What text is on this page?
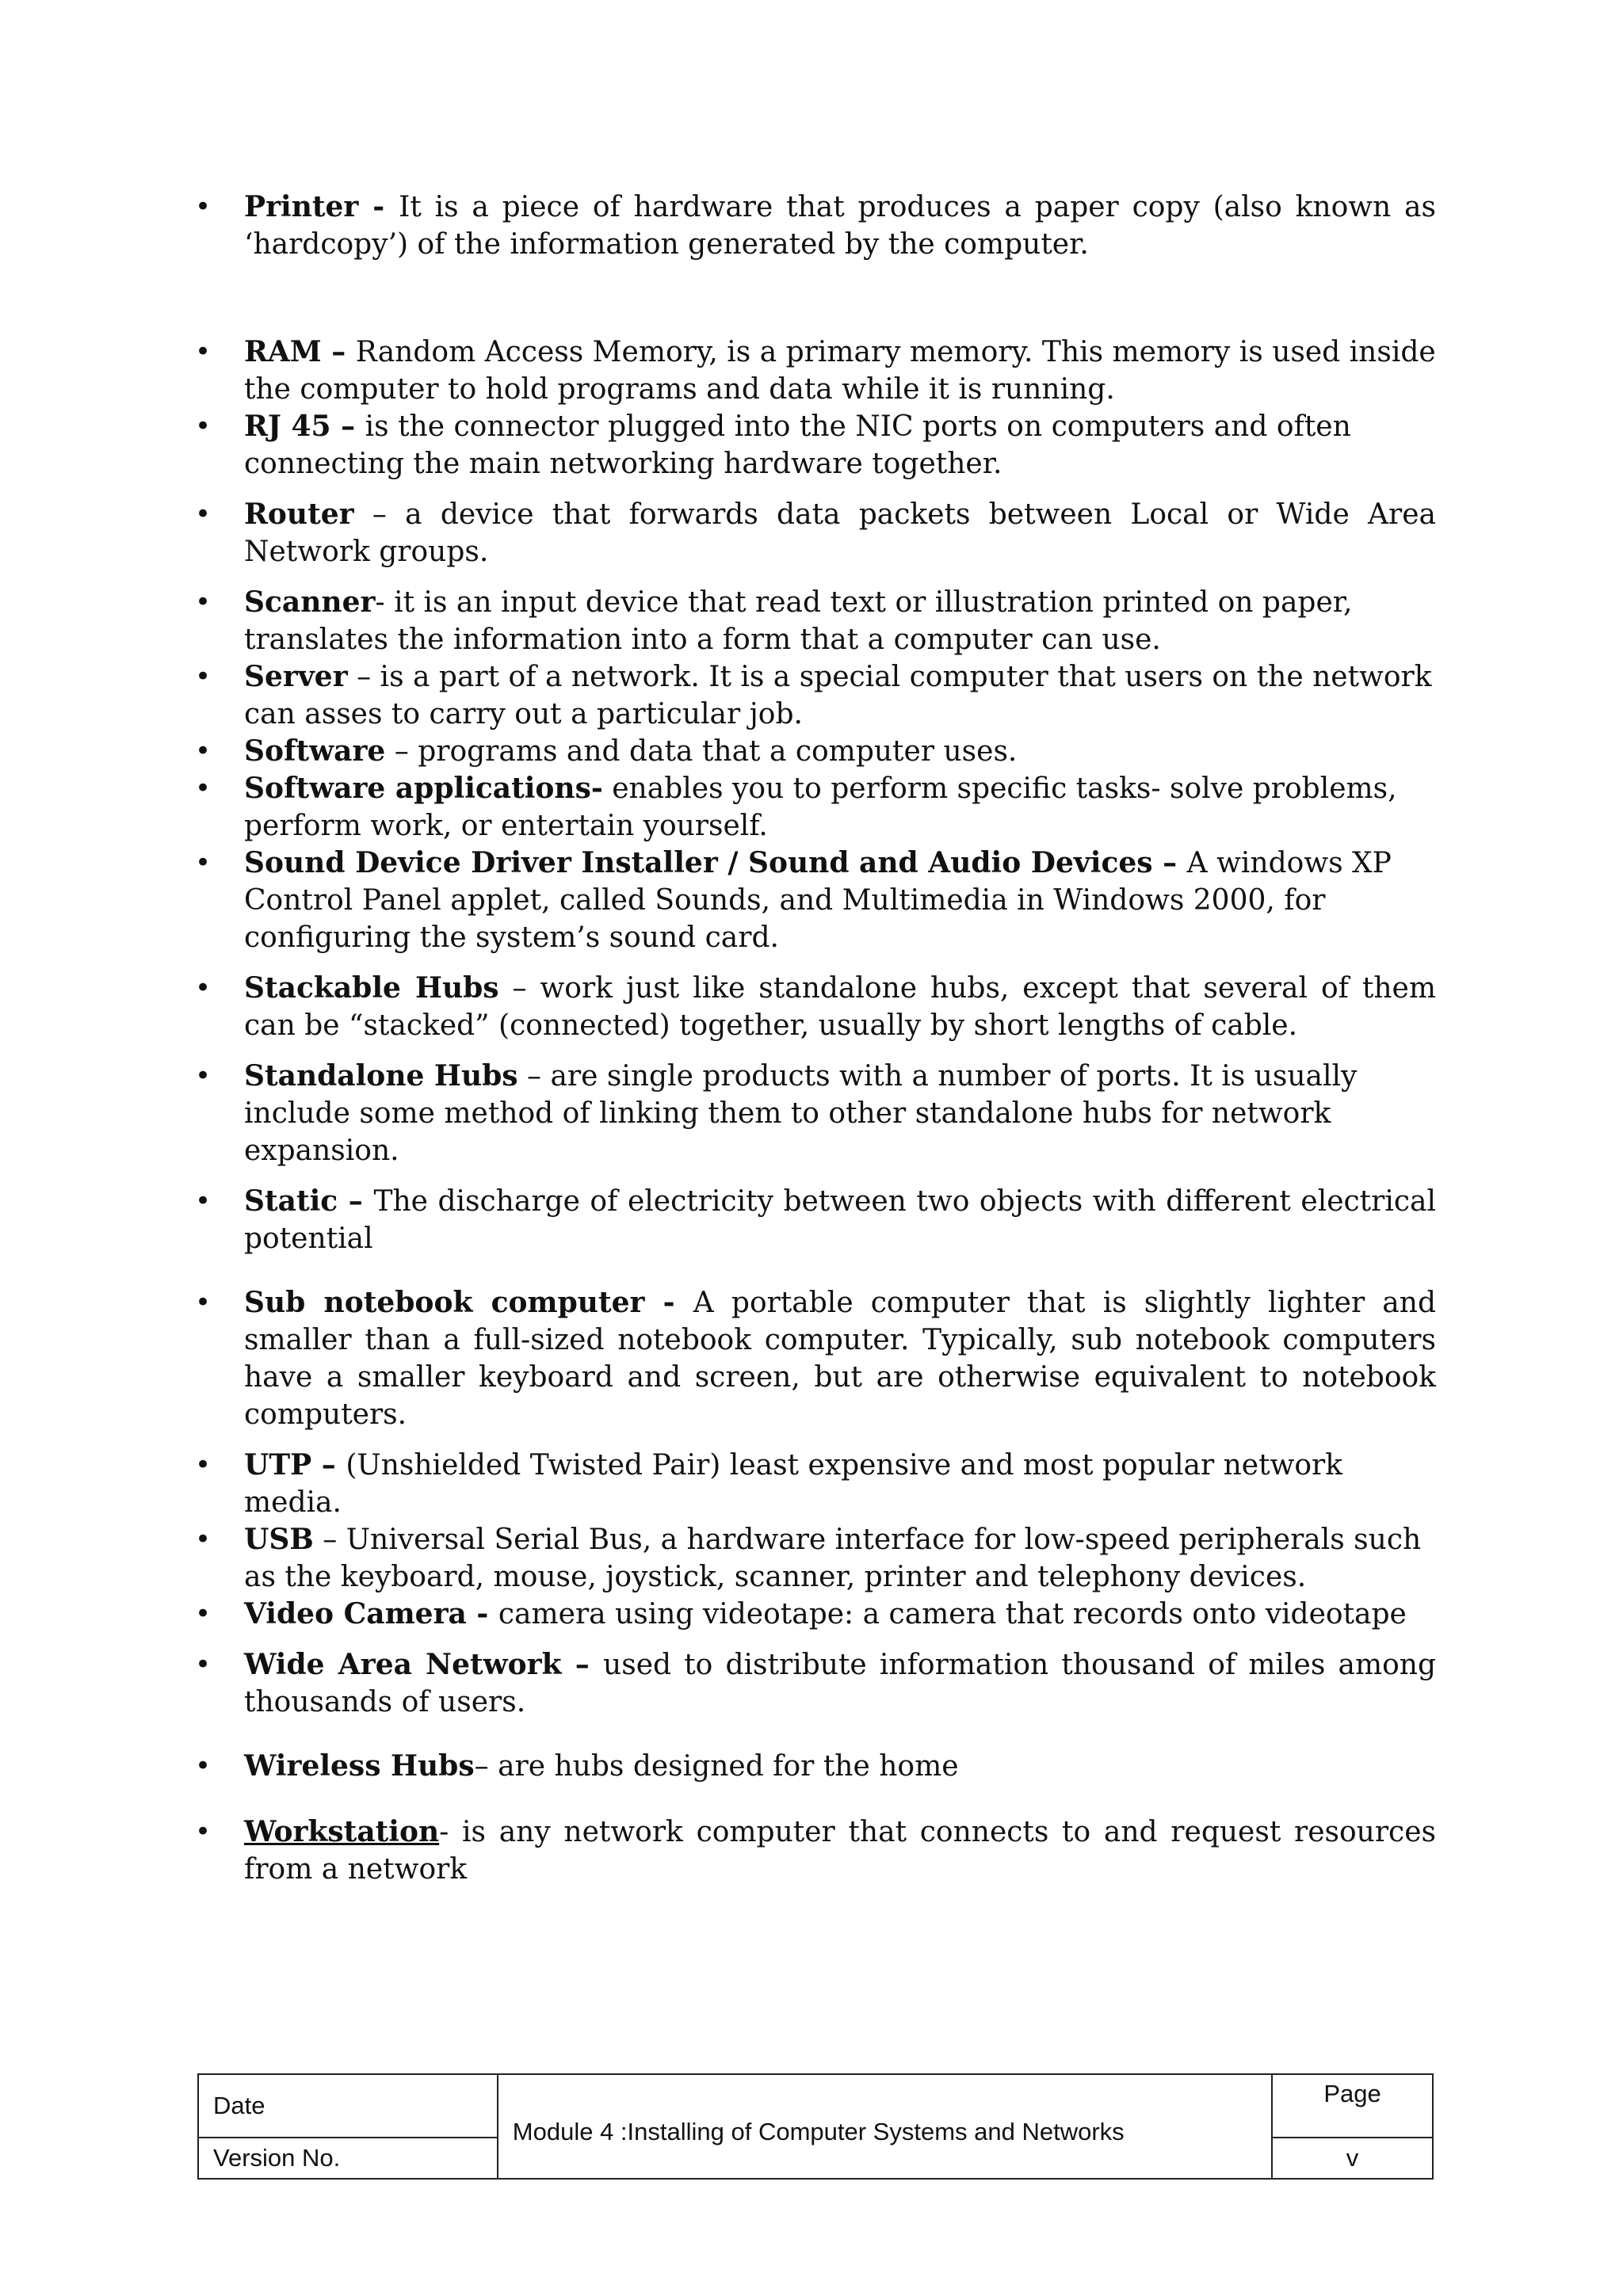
• Printer - It is a piece of hardware that produces a paper copy (also known as ‘hardcopy’) of the information generated by the computer.
• RAM – Random Access Memory, is a primary memory. This memory is used inside the computer to hold programs and data while it is running.
• RJ 45 – is the connector plugged into the NIC ports on computers and often connecting the main networking hardware together.
• Router – a device that forwards data packets between Local or Wide Area Network groups.
• Scanner- it is an input device that read text or illustration printed on paper, translates the information into a form that a computer can use.
• Server – is a part of a network. It is a special computer that users on the network can asses to carry out a particular job.
• Software – programs and data that a computer uses.
• Software applications- enables you to perform specific tasks- solve problems, perform work, or entertain yourself.
• Sound Device Driver Installer / Sound and Audio Devices – A windows XP Control Panel applet, called Sounds, and Multimedia in Windows 2000, for configuring the system’s sound card.
• Stackable Hubs – work just like standalone hubs, except that several of them can be “stacked” (connected) together, usually by short lengths of cable.
• Standalone Hubs – are single products with a number of ports. It is usually include some method of linking them to other standalone hubs for network expansion.
• Static – The discharge of electricity between two objects with different electrical potential
• Sub notebook computer - A portable computer that is slightly lighter and smaller than a full-sized notebook computer. Typically, sub notebook computers have a smaller keyboard and screen, but are otherwise equivalent to notebook computers.
• UTP – (Unshielded Twisted Pair) least expensive and most popular network media.
• USB – Universal Serial Bus, a hardware interface for low-speed peripherals such as the keyboard, mouse, joystick, scanner, printer and telephony devices.
• Video Camera - camera using videotape: a camera that records onto videotape
• Wide Area Network – used to distribute information thousand of miles among thousands of users.
• Wireless Hubs– are hubs designed for the home
• Workstation- is any network computer that connects to and request resources from a network
Date	Module 4 :Installing of Computer Systems and Networks	Page
Version No.		v
